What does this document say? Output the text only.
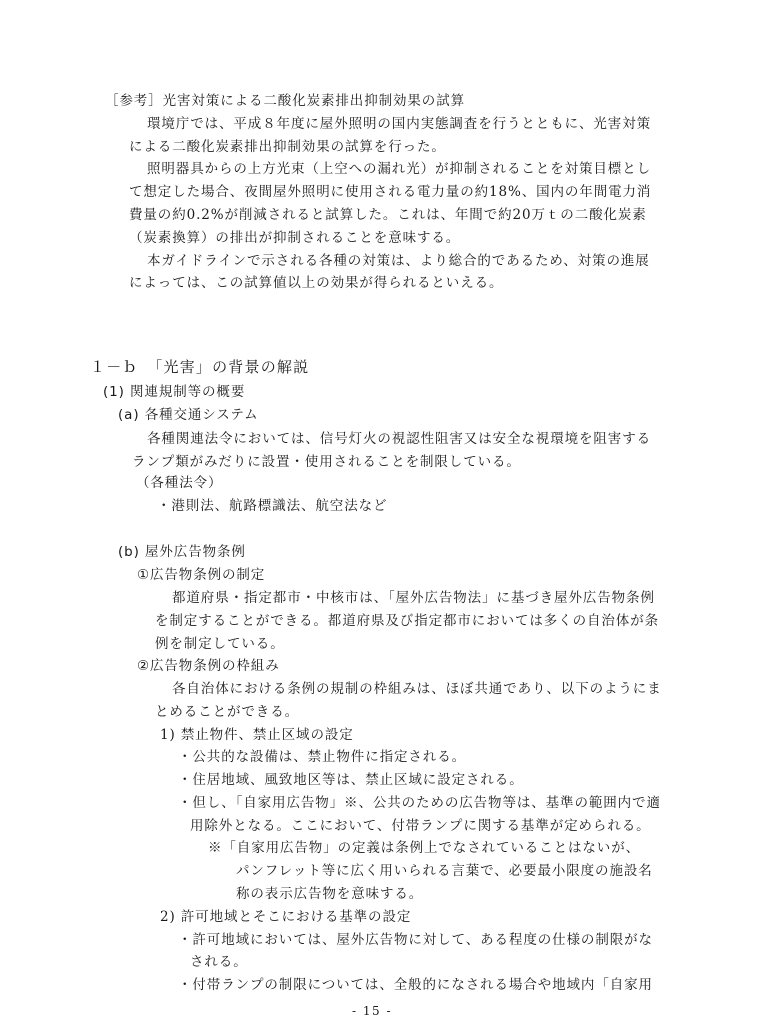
［参考］光害対策による二酸化炭素排出抑制効果の試算
環境庁では、平成８年度に屋外照明の国内実態調査を行うとともに、光害対策
による二酸化炭素排出抑制効果の試算を行った。
照明器具からの上方光束（上空への漏れ光）が抑制されることを対策目標とし
て想定した場合、夜間屋外照明に使用される電力量の約18%、国内の年間電力消
費量の約0.2%が削減されると試算した。これは、年間で約20万ｔの二酸化炭素
（炭素換算）の排出が抑制されることを意味する。
本ガイドラインで示される各種の対策は、より総合的であるため、対策の進展
によっては、この試算値以上の効果が得られるといえる。
１－ｂ　「光害」の背景の解説
(1) 関連規制等の概要
(a) 各種交通システム
各種関連法令においては、信号灯火の視認性阻害又は安全な視環境を阻害する
ランプ類がみだりに設置・使用されることを制限している。
（各種法令）
・港則法、航路標識法、航空法など
(b) 屋外広告物条例
①広告物条例の制定
都道府県・指定都市・中核市は、「屋外広告物法」に基づき屋外広告物条例
を制定することができる。都道府県及び指定都市においては多くの自治体が条
例を制定している。
②広告物条例の枠組み
各自治体における条例の規制の枠組みは、ほぼ共通であり、以下のようにま
とめることができる。
1) 禁止物件、禁止区域の設定
・公共的な設備は、禁止物件に指定される。
・住居地域、風致地区等は、禁止区域に設定される。
・但し、「自家用広告物」※、公共のための広告物等は、基準の範囲内で適
用除外となる。ここにおいて、付帯ランプに関する基準が定められる。
※「自家用広告物」の定義は条例上でなされていることはないが、
パンフレット等に広く用いられる言葉で、必要最小限度の施設名
称の表示広告物を意味する。
2) 許可地域とそこにおける基準の設定
・許可地域においては、屋外広告物に対して、ある程度の仕様の制限がな
される。
・付帯ランプの制限については、全般的になされる場合や地域内「自家用
- 15 -
